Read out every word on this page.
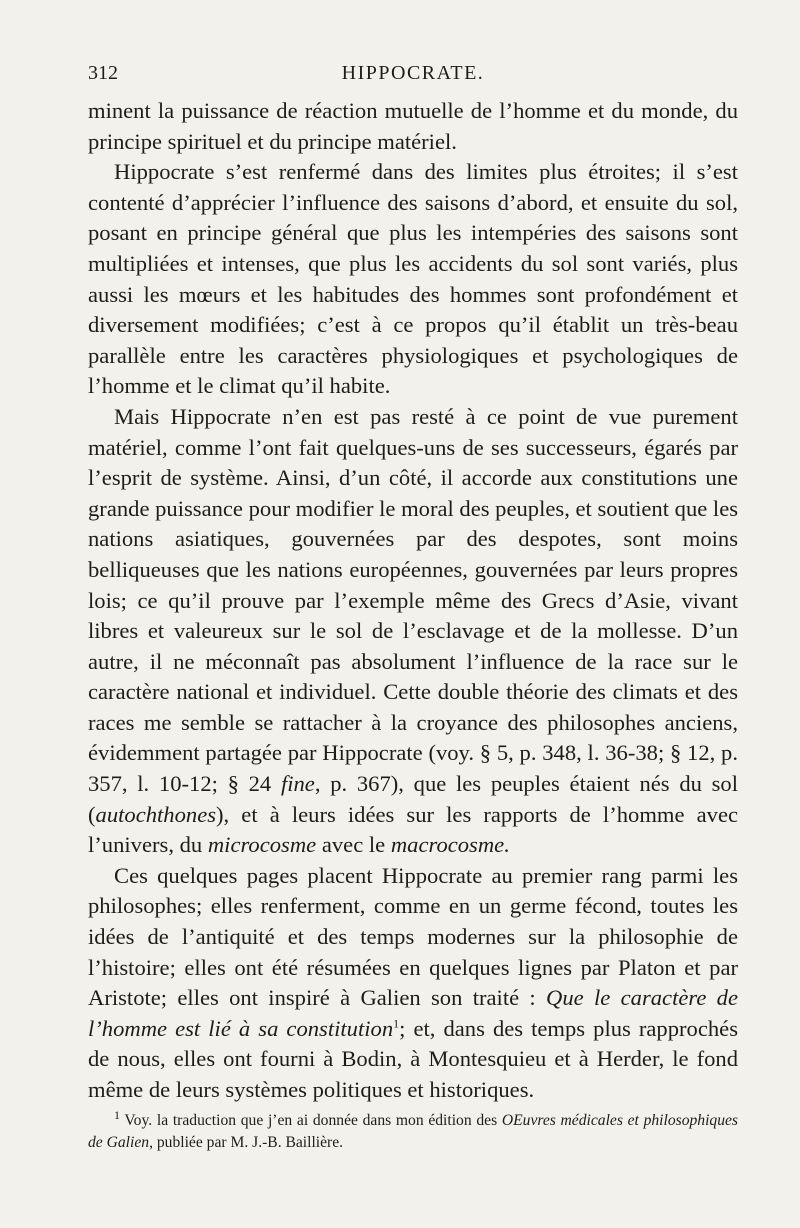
312	HIPPOCRATE.

minent la puissance de réaction mutuelle de l’homme et du monde, du principe spirituel et du principe matériel.

Hippocrate s’est renfermé dans des limites plus étroites; il s’est contenté d’apprécier l’influence des saisons d’abord, et ensuite du sol, posant en principe général que plus les intempéries des saisons sont multipliées et intenses, que plus les accidents du sol sont variés, plus aussi les mœurs et les habitudes des hommes sont profondément et diversement modifiées; c’est à ce propos qu’il établit un très-beau parallèle entre les caractères physiologiques et psychologiques de l’homme et le climat qu’il habite.

Mais Hippocrate n’en est pas resté à ce point de vue purement matériel, comme l’ont fait quelques-uns de ses successeurs, égarés par l’esprit de système. Ainsi, d’un côté, il accorde aux constitutions une grande puissance pour modifier le moral des peuples, et soutient que les nations asiatiques, gouvernées par des despotes, sont moins belliqueuses que les nations européennes, gouvernées par leurs propres lois; ce qu’il prouve par l’exemple même des Grecs d’Asie, vivant libres et valeureux sur le sol de l’esclavage et de la mollesse. D’un autre, il ne méconnaît pas absolument l’influence de la race sur le caractère national et individuel. Cette double théorie des climats et des races me semble se rattacher à la croyance des philosophes anciens, évidemment partagée par Hippocrate (voy. § 5, p. 348, l. 36-38; § 12, p. 357, l. 10-12; § 24 fine, p. 367), que les peuples étaient nés du sol (autochthones), et à leurs idées sur les rapports de l’homme avec l’univers, du microcosme avec le macrocosme.

Ces quelques pages placent Hippocrate au premier rang parmi les philosophes; elles renferment, comme en un germe fécond, toutes les idées de l’antiquité et des temps modernes sur la philosophie de l’histoire; elles ont été résumées en quelques lignes par Platon et par Aristote; elles ont inspiré à Galien son traité : Que le caractère de l’homme est lié à sa constitution$^1$; et, dans des temps plus rapprochés de nous, elles ont fourni à Bodin, à Montesquieu et à Herder, le fond même de leurs systèmes politiques et historiques.

$^1$ Voy. la traduction que j’en ai donnée dans mon édition des OEuvres médicales et philosophiques de Galien, publiée par M. J.-B. Baillière.
